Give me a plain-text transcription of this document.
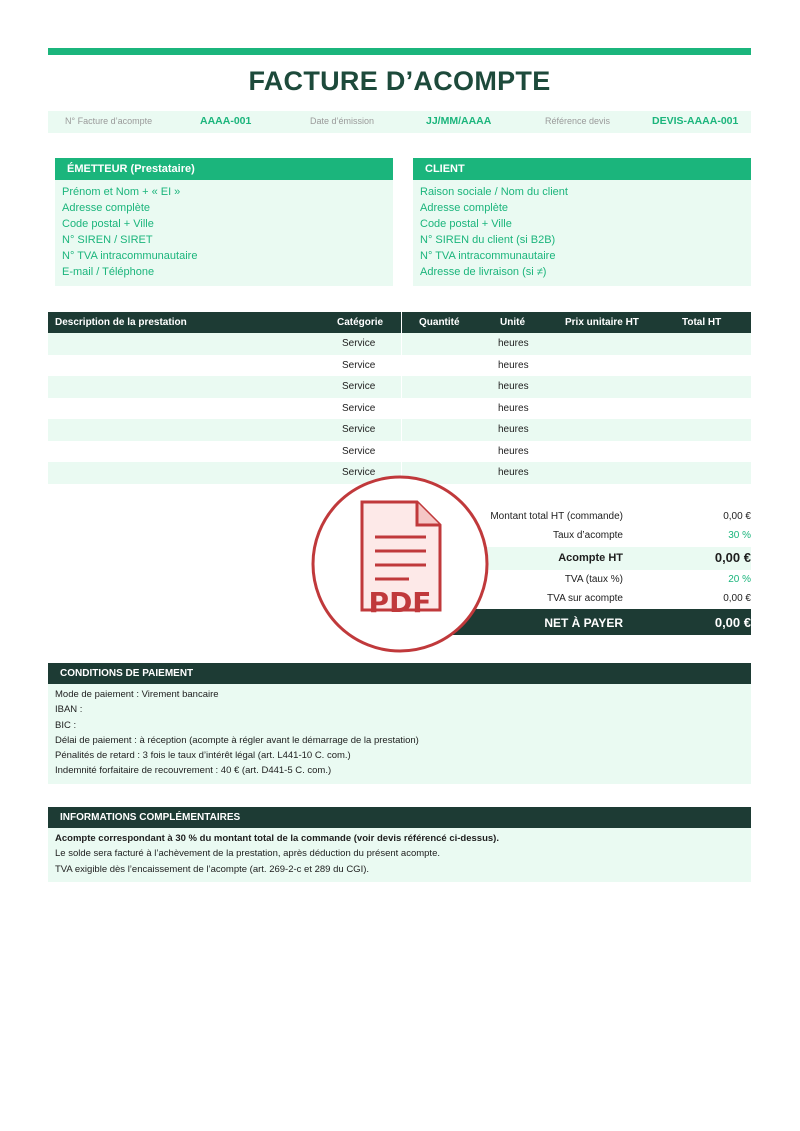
FACTURE D’ACOMPTE
N° Facture d’acompte	AAAA-001	Date d’émission	JJ/MM/AAAA	Référence devis	DEVIS-AAAA-001
ÉMETTEUR (Prestataire)
Prénom et Nom + « EI »
Adresse complète
Code postal + Ville
N° SIREN / SIRET
N° TVA intracommunautaire
E-mail / Téléphone
CLIENT
Raison sociale / Nom du client
Adresse complète
Code postal + Ville
N° SIREN du client (si B2B)
N° TVA intracommunautaire
Adresse de livraison (si ≠)
Description de la prestation	Catégorie	Quantité	Unité	Prix unitaire HT	Total HT
Service	heures
Service	heures
Service	heures
Service	heures
Service	heures
Service	heures
Service	heures
Montant total HT (commande)	0,00 €
Taux d’acompte	30 %
Acompte HT	0,00 €
TVA (taux %)	20 %
TVA sur acompte	0,00 €
NET À PAYER	0,00 €
CONDITIONS DE PAIEMENT
Mode de paiement : Virement bancaire
IBAN :
BIC :
Délai de paiement : à réception (acompte à régler avant le démarrage de la prestation)
Pénalités de retard : 3 fois le taux d’intérêt légal (art. L441-10 C. com.)
Indemnité forfaitaire de recouvrement : 40 € (art. D441-5 C. com.)
INFORMATIONS COMPLÉMENTAIRES
Acompte correspondant à 30 % du montant total de la commande (voir devis référencé ci-dessus).
Le solde sera facturé à l’achèvement de la prestation, après déduction du présent acompte.
TVA exigible dès l’encaissement de l’acompte (art. 269-2-c et 289 du CGI).
PDF
